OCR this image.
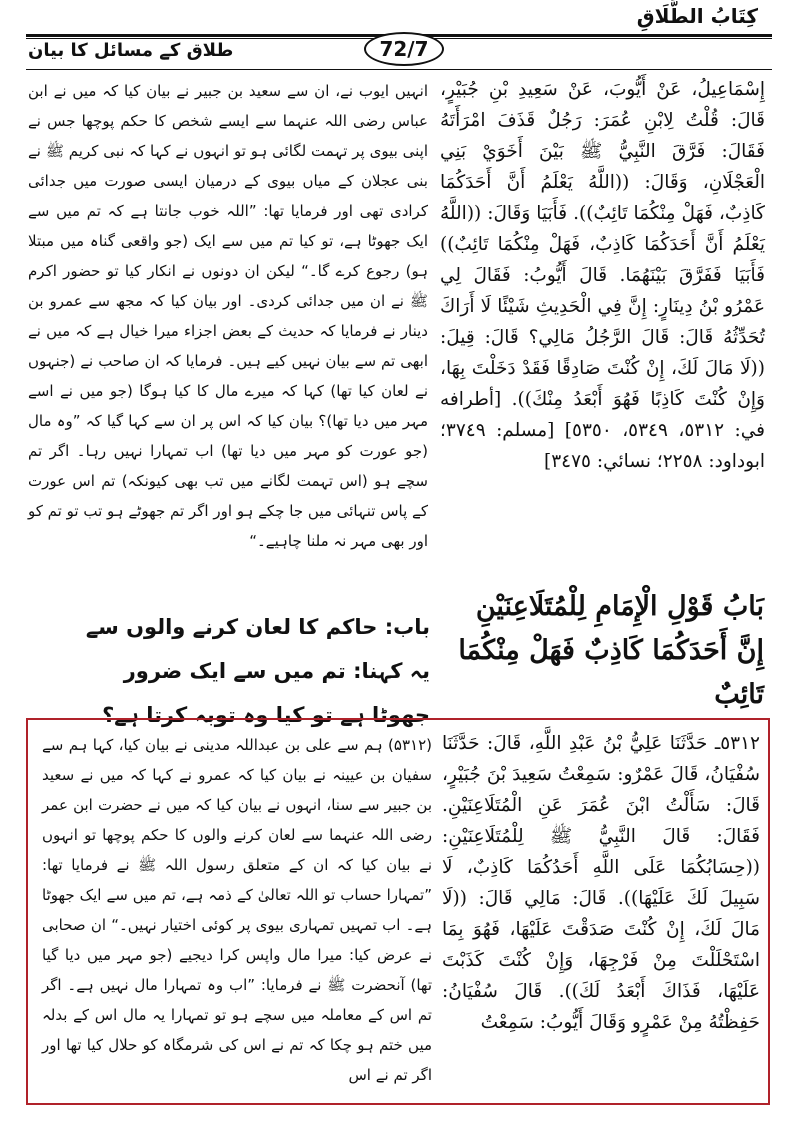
كِتَابُ الطَّلَاقِ
72/7
طلاق کے مسائل کا بیان

إِسْمَاعِيلُ، عَنْ أَيُّوبَ، عَنْ سَعِيدِ بْنِ جُبَيْرٍ، قَالَ: قُلْتُ لِابْنِ عُمَرَ: رَجُلٌ قَذَفَ امْرَأَتَهُ فَقَالَ: فَرَّقَ النَّبِيُّ ﷺ بَيْنَ أَخَوَيْ بَنِي الْعَجْلَانِ، وَقَالَ: ((اللَّهُ يَعْلَمُ أَنَّ أَحَدَكُمَا كَاذِبٌ، فَهَلْ مِنْكُمَا تَائِبٌ)). فَأَبَيَا وَقَالَ: ((اللَّهُ يَعْلَمُ أَنَّ أَحَدَكُمَا كَاذِبٌ، فَهَلْ مِنْكُمَا تَائِبٌ)) فَأَبَيَا فَفَرَّقَ بَيْنَهُمَا. قَالَ أَيُّوبُ: فَقَالَ لِي عَمْرُو بْنُ دِينَارٍ: إِنَّ فِي الْحَدِيثِ شَيْئًا لَا أَرَاكَ تُحَدِّثُهُ قَالَ: قَالَ الرَّجُلُ مَالِي؟ قَالَ: قِيلَ: ((لَا مَالَ لَكَ، إِنْ كُنْتَ صَادِقًا فَقَدْ دَخَلْتَ بِهَا، وَإِنْ كُنْتَ كَاذِبًا فَهُوَ أَبْعَدُ مِنْكَ)). [أطرافه في: ٥٣١٢، ٥٣٤٩، ٥٣٥٠] [مسلم: ٣٧٤٩؛ ابوداود: ٢٢٥٨؛ نسائي: ٣٤٧٥]

انہیں ایوب نے، ان سے سعید بن جبیر نے بیان کیا کہ میں نے ابن عباس رضی اللہ عنہما سے ایسے شخص کا حکم پوچھا جس نے اپنی بیوی پر تہمت لگائی ہو تو انہوں نے کہا کہ نبی کریم ﷺ نے بنی عجلان کے میاں بیوی کے درمیان ایسی صورت میں جدائی کرادی تھی اور فرمایا تھا: ”اللہ خوب جانتا ہے کہ تم میں سے ایک جھوٹا ہے، تو کیا تم میں سے ایک (جو واقعی گناہ میں مبتلا ہو) رجوع کرے گا۔“ لیکن ان دونوں نے انکار کیا تو حضور اکرم ﷺ نے ان میں جدائی کردی۔ اور بیان کیا کہ مجھ سے عمرو بن دینار نے فرمایا کہ حدیث کے بعض اجزاء میرا خیال ہے کہ میں نے ابھی تم سے بیان نہیں کیے ہیں۔ فرمایا کہ ان صاحب نے (جنہوں نے لعان کیا تھا) کہا کہ میرے مال کا کیا ہوگا (جو میں نے اسے مہر میں دیا تھا)؟ بیان کیا کہ اس پر ان سے کہا گیا کہ ”وہ مال (جو عورت کو مہر میں دیا تھا) اب تمہارا نہیں رہا۔ اگر تم سچے ہو (اس تہمت لگانے میں تب بھی کیونکہ) تم اس عورت کے پاس تنہائی میں جا چکے ہو اور اگر تم جھوٹے ہو تب تو تم کو اور بھی مہر نہ ملنا چاہیے۔“

بَابُ قَوْلِ الْإِمَامِ لِلْمُتَلَاعِنَيْنِ إِنَّ أَحَدَكُمَا كَاذِبٌ فَهَلْ مِنْكُمَا تَائِبٌ
باب: حاکم کا لعان کرنے والوں سے یہ کہنا: تم میں سے ایک ضرور جھوٹا ہے تو کیا وہ توبہ کرتا ہے؟

٥٣١٢ـ حَدَّثَنَا عَلِيُّ بْنُ عَبْدِ اللَّهِ، قَالَ: حَدَّثَنَا سُفْيَانُ، قَالَ عَمْرٌو: سَمِعْتُ سَعِيدَ بْنَ جُبَيْرٍ، قَالَ: سَأَلْتُ ابْنَ عُمَرَ عَنِ الْمُتَلَاعِنَيْنِ. فَقَالَ: قَالَ النَّبِيُّ ﷺ لِلْمُتَلَاعِنَيْنِ: ((حِسَابُكُمَا عَلَى اللَّهِ أَحَدُكُمَا كَاذِبٌ، لَا سَبِيلَ لَكَ عَلَيْهَا)). قَالَ: مَالِي قَالَ: ((لَا مَالَ لَكَ، إِنْ كُنْتَ صَدَقْتَ عَلَيْهَا، فَهُوَ بِمَا اسْتَحْلَلْتَ مِنْ فَرْجِهَا، وَإِنْ كُنْتَ كَذَبْتَ عَلَيْهَا، فَذَاكَ أَبْعَدُ لَكَ)). قَالَ سُفْيَانُ: حَفِظْتُهُ مِنْ عَمْرٍو وَقَالَ أَيُّوبُ: سَمِعْتُ

(۵۳۱۲) ہم سے علی بن عبداللہ مدینی نے بیان کیا، کہا ہم سے سفیان بن عیینہ نے بیان کیا کہ عمرو نے کہا کہ میں نے سعید بن جبیر سے سنا، انہوں نے بیان کیا کہ میں نے حضرت ابن عمر رضی اللہ عنہما سے لعان کرنے والوں کا حکم پوچھا تو انہوں نے بیان کیا کہ ان کے متعلق رسول اللہ ﷺ نے فرمایا تھا: ”تمہارا حساب تو اللہ تعالیٰ کے ذمہ ہے، تم میں سے ایک جھوٹا ہے۔ اب تمہیں تمہاری بیوی پر کوئی اختیار نہیں۔“ ان صحابی نے عرض کیا: میرا مال واپس کرا دیجیے (جو مہر میں دیا گیا تھا) آنحضرت ﷺ نے فرمایا: ”اب وہ تمہارا مال نہیں ہے۔ اگر تم اس کے معاملہ میں سچے ہو تو تمہارا یہ مال اس کے بدلہ میں ختم ہو چکا کہ تم نے اس کی شرمگاہ کو حلال کیا تھا اور اگر تم نے اس
